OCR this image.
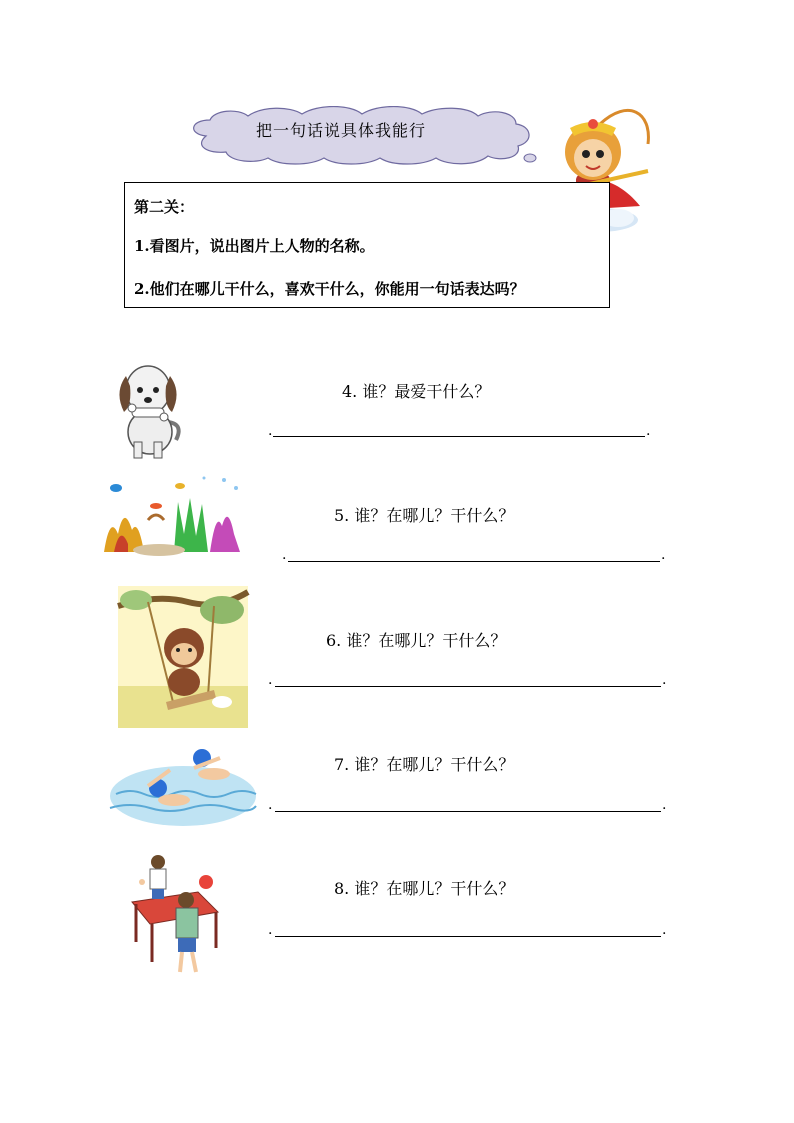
把一句话说具体我能行
第二关：
1.看图片，说出图片上人物的名称。
2.他们在哪儿干什么，喜欢干什么，你能用一句话表达吗？
4. 谁？最爱干什么？
.	.
5. 谁？在哪儿？干什么？
.	.
6. 谁？在哪儿？干什么？
.	.
7. 谁？在哪儿？干什么？
.	.
8. 谁？在哪儿？干什么？
.	.
